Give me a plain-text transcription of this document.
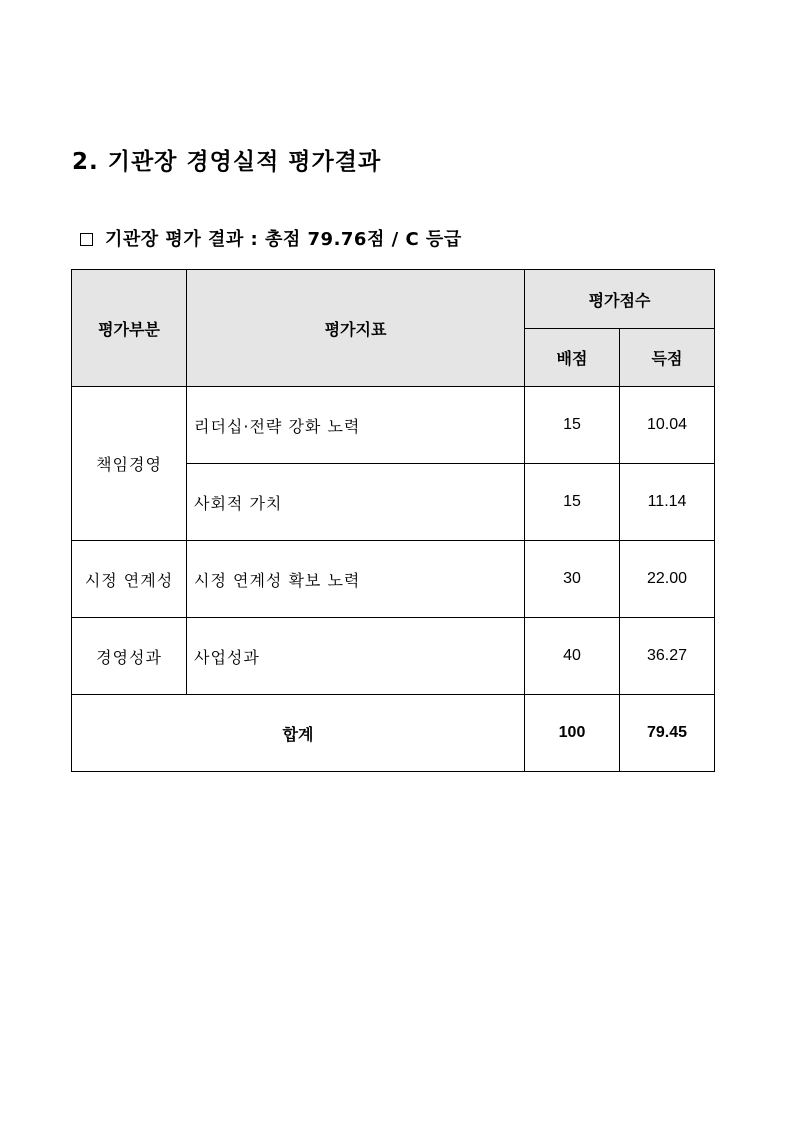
2. 기관장 경영실적 평가결과
기관장 평가 결과 : 총점 79.76점 / C 등급
평가부분	평가지표	평가점수	
		배점	득점
책임경영	리더십·전략 강화 노력	15	10.04
	사회적 가치	15	11.14
시정 연계성	시정 연계성 확보 노력	30	22.00
경영성과	사업성과	40	36.27
합계		100	79.45
